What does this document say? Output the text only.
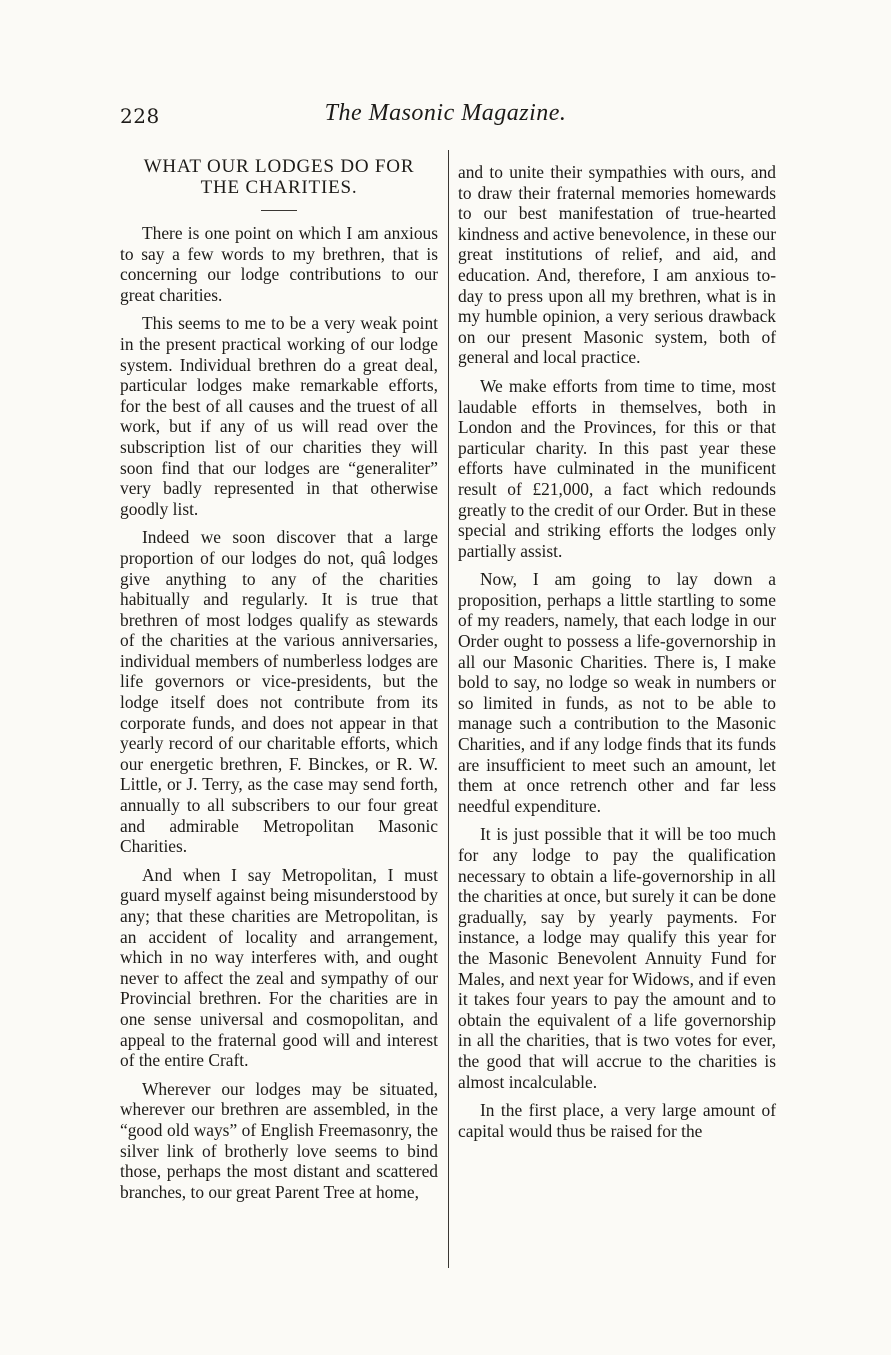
228	The Masonic Magazine.
WHAT OUR LODGES DO FOR
THE CHARITIES.

There is one point on which I am anxious to say a few words to my brethren, that is concerning our lodge contributions to our great charities.

This seems to me to be a very weak point in the present practical working of our lodge system. Individual brethren do a great deal, particular lodges make remarkable efforts, for the best of all causes and the truest of all work, but if any of us will read over the subscription list of our charities they will soon find that our lodges are “generaliter” very badly represented in that otherwise goodly list.

Indeed we soon discover that a large proportion of our lodges do not, quâ lodges give anything to any of the charities habitually and regularly. It is true that brethren of most lodges qualify as stewards of the charities at the various anniversaries, individual members of numberless lodges are life governors or vice-presidents, but the lodge itself does not contribute from its corporate funds, and does not appear in that yearly record of our charitable efforts, which our energetic brethren, F. Binckes, or R. W. Little, or J. Terry, as the case may send forth, annually to all subscribers to our four great and admirable Metropolitan Masonic Charities.

And when I say Metropolitan, I must guard myself against being misunderstood by any; that these charities are Metropolitan, is an accident of locality and arrangement, which in no way interferes with, and ought never to affect the zeal and sympathy of our Provincial brethren. For the charities are in one sense universal and cosmopolitan, and appeal to the fraternal good will and interest of the entire Craft.

Wherever our lodges may be situated, wherever our brethren are assembled, in the “good old ways” of English Freemasonry, the silver link of brotherly love seems to bind those, perhaps the most distant and scattered branches, to our great Parent Tree at home,

and to unite their sympathies with ours, and to draw their fraternal memories homewards to our best manifestation of true-hearted kindness and active benevolence, in these our great institutions of relief, and aid, and education. And, therefore, I am anxious to-day to press upon all my brethren, what is in my humble opinion, a very serious drawback on our present Masonic system, both of general and local practice.

We make efforts from time to time, most laudable efforts in themselves, both in London and the Provinces, for this or that particular charity. In this past year these efforts have culminated in the munificent result of £21,000, a fact which redounds greatly to the credit of our Order. But in these special and striking efforts the lodges only partially assist.

Now, I am going to lay down a proposition, perhaps a little startling to some of my readers, namely, that each lodge in our Order ought to possess a life-governorship in all our Masonic Charities. There is, I make bold to say, no lodge so weak in numbers or so limited in funds, as not to be able to manage such a contribution to the Masonic Charities, and if any lodge finds that its funds are insufficient to meet such an amount, let them at once retrench other and far less needful expenditure.

It is just possible that it will be too much for any lodge to pay the qualification necessary to obtain a life-governorship in all the charities at once, but surely it can be done gradually, say by yearly payments. For instance, a lodge may qualify this year for the Masonic Benevolent Annuity Fund for Males, and next year for Widows, and if even it takes four years to pay the amount and to obtain the equivalent of a life governorship in all the charities, that is two votes for ever, the good that will accrue to the charities is almost incalculable.

In the first place, a very large amount of capital would thus be raised for the
